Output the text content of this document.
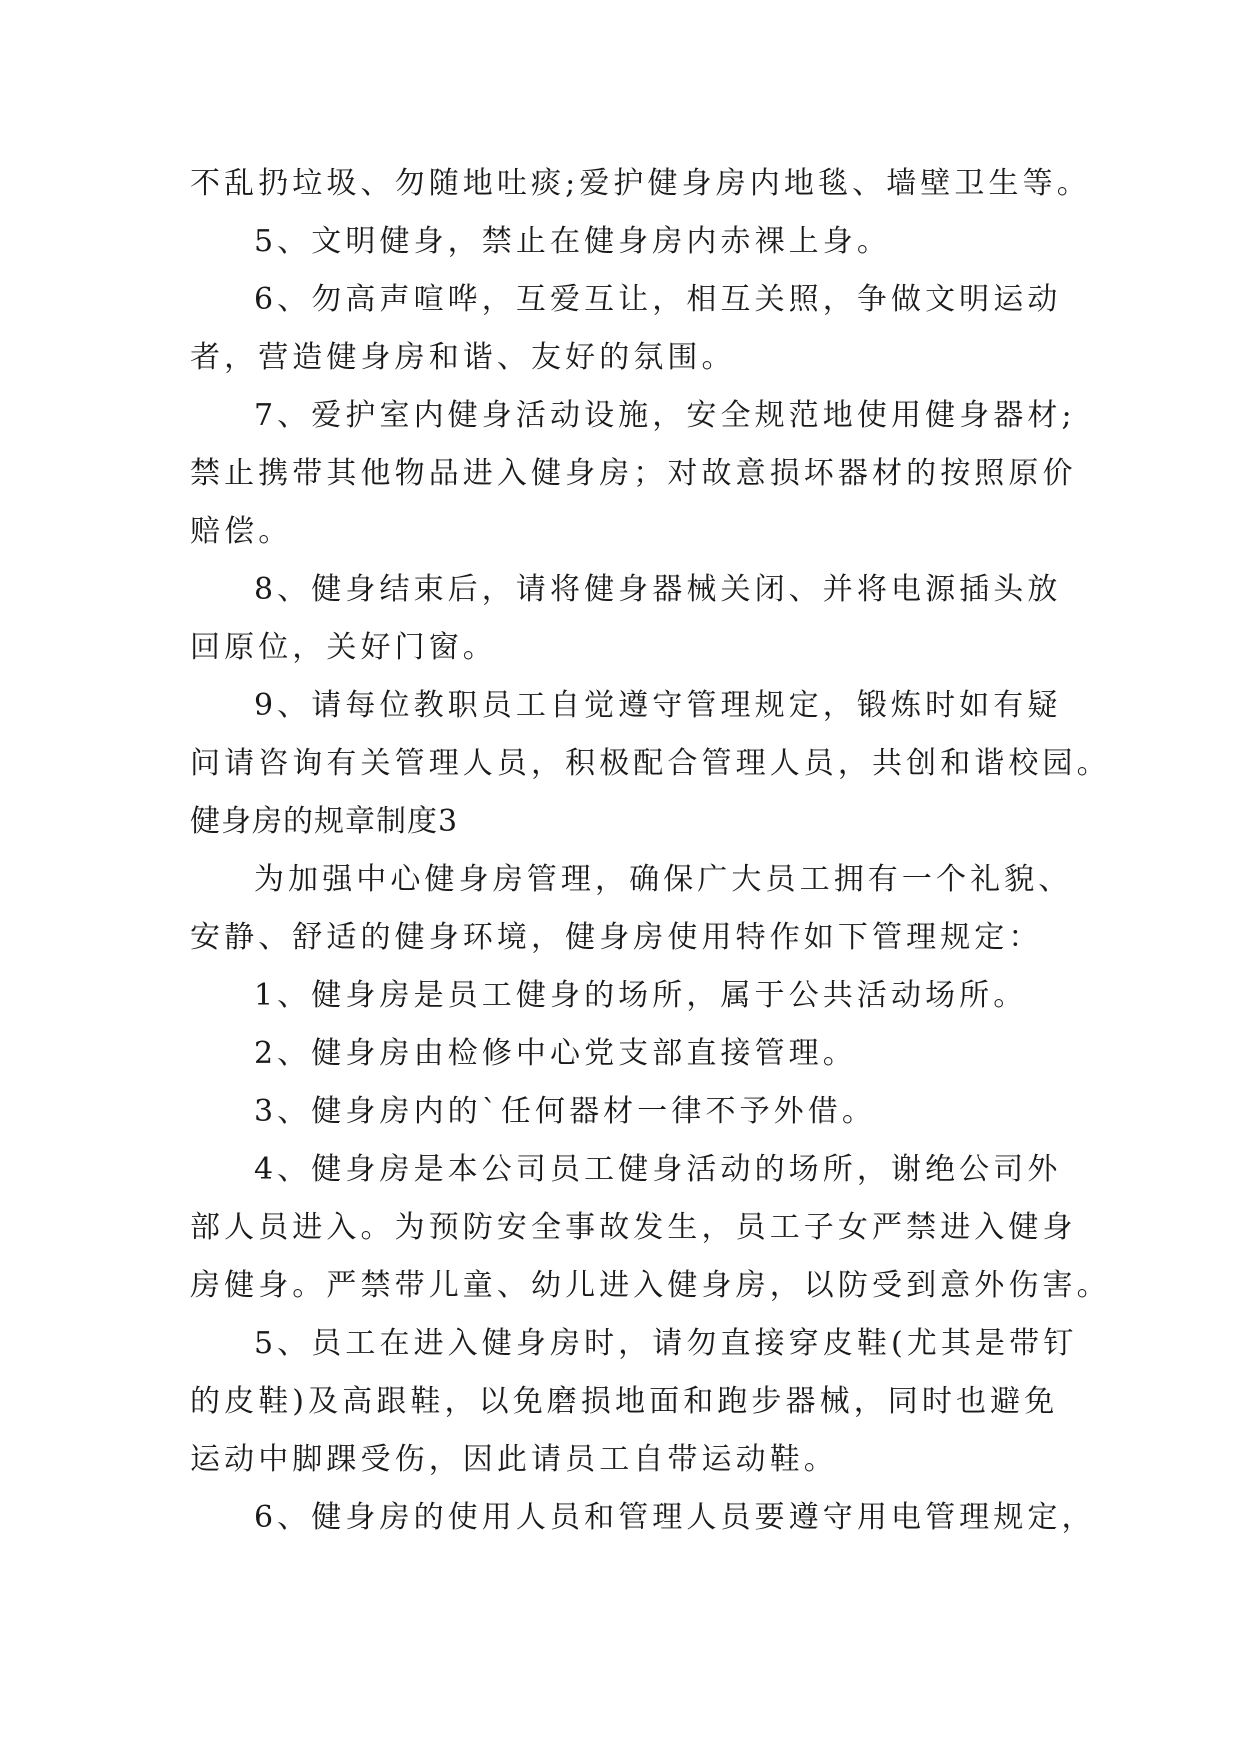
不乱扔垃圾、勿随地吐痰;爱护健身房内地毯、墙壁卫生等。
5、文明健身，禁止在健身房内赤裸上身。
6、勿高声喧哗，互爱互让，相互关照，争做文明运动
者，营造健身房和谐、友好的氛围。
7、爱护室内健身活动设施，安全规范地使用健身器材;
禁止携带其他物品进入健身房；对故意损坏器材的按照原价
赔偿。
8、健身结束后，请将健身器械关闭、并将电源插头放
回原位，关好门窗。
9、请每位教职员工自觉遵守管理规定，锻炼时如有疑
问请咨询有关管理人员，积极配合管理人员，共创和谐校园。
健身房的规章制度3
为加强中心健身房管理，确保广大员工拥有一个礼貌、
安静、舒适的健身环境，健身房使用特作如下管理规定：
1、健身房是员工健身的场所，属于公共活动场所。
2、健身房由检修中心党支部直接管理。
3、健身房内的`任何器材一律不予外借。
4、健身房是本公司员工健身活动的场所，谢绝公司外
部人员进入。为预防安全事故发生，员工子女严禁进入健身
房健身。严禁带儿童、幼儿进入健身房，以防受到意外伤害。
5、员工在进入健身房时，请勿直接穿皮鞋(尤其是带钉
的皮鞋)及高跟鞋，以免磨损地面和跑步器械，同时也避免
运动中脚踝受伤，因此请员工自带运动鞋。
6、健身房的使用人员和管理人员要遵守用电管理规定，
